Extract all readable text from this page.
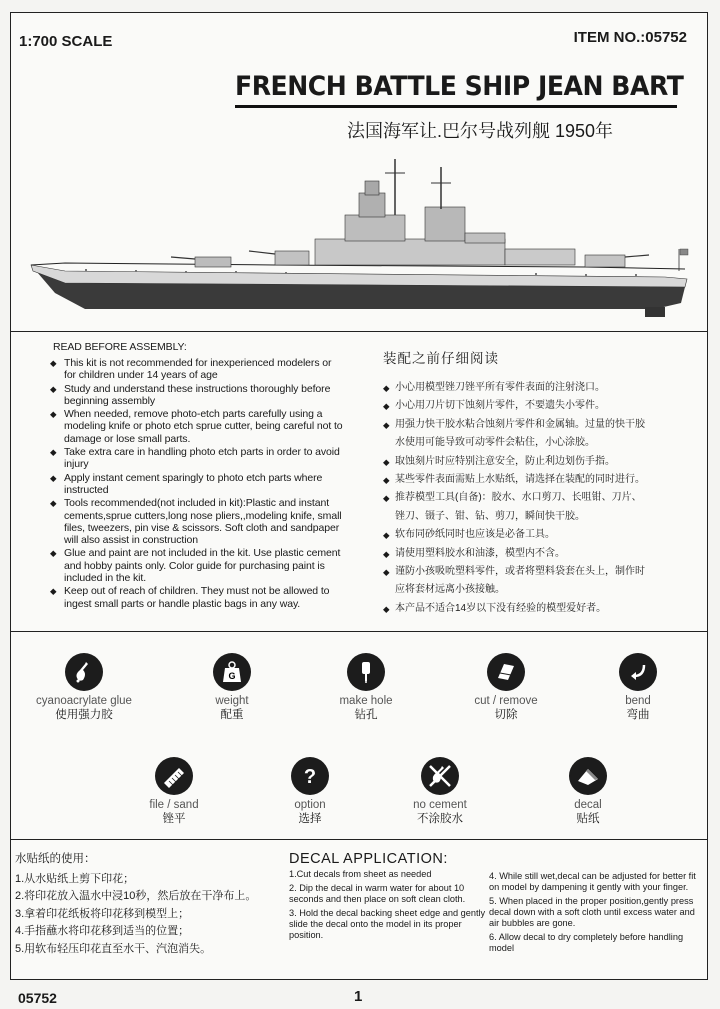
1:700 SCALE	ITEM NO.:05752
FRENCH BATTLE SHIP JEAN BART
法国海军让.巴尔号战列舰 1950年
READ BEFORE ASSEMBLY:
◆ This kit is not recommended for inexperienced modelers or for children under 14 years of age
◆ Study and understand these instructions thoroughly before beginning assembly
◆ When needed, remove photo-etch parts carefully using a modeling knife or photo etch sprue cutter, being careful not to damage or lose small parts.
◆ Take extra care in handling photo etch parts in order to avoid injury
◆ Apply instant cement sparingly to photo etch parts where instructed
◆ Tools recommended(not included in kit):Plastic and instant cements,sprue cutters,long nose pliers,,modeling knife, small files, tweezers, pin vise & scissors. Soft cloth and sandpaper will also assist in construction
◆ Glue and paint are not included in the kit. Use plastic cement and hobby paints only. Color guide for purchasing paint is included in the kit.
◆ Keep out of reach of children. They must not be allowed to ingest small parts or handle plastic bags in any way.
装配之前仔细阅读
◆ 小心用模型锉刀锉平所有零件表面的注射浇口。
◆ 小心用刀片切下蚀刻片零件，不要遗失小零件。
◆ 用强力快干胶水粘合蚀刻片零件和金属轴。过量的快干胶
水使用可能导致可动零件会粘住，小心涂胶。
◆ 取蚀刻片时应特别注意安全，防止利边划伤手指。
◆ 某些零件表面需贴上水贴纸，请选择在装配的同时进行。
◆ 推荐模型工具(自备)：胶水、水口剪刀、长咀钳、刀片、
锉刀、镊子、钳、钻、剪刀，瞬间快干胶。
◆ 软布同砂纸同时也应该是必备工具。
◆ 请使用塑料胶水和油漆，模型内不含。
◆ 谨防小孩吸吮塑料零件，或者将塑料袋套在头上，制作时
应将套材远离小孩接触。
◆ 本产品不适合14岁以下没有经验的模型爱好者。
cyanoacrylate glue
使用强力胶
G
weight
配重
make hole
钻孔
cut / remove
切除
bend
弯曲
file / sand
锉平
?
option
选择
no cement
不涂胶水
decal
贴纸
水贴纸的使用：
1.从水贴纸上剪下印花；
2.将印花放入温水中浸10秒，然后放在干净布上。
3.拿着印花纸板将印花移到模型上；
4.手指蘸水将印花移到适当的位置；
5.用软布轻压印花直至水干、汽泡消失。
DECAL APPLICATION:

1.Cut decals from sheet as needed

2. Dip the decal in warm water for about 10 seconds and then place on soft clean cloth.

3. Hold the decal backing sheet edge and gently slide the decal onto the model in its proper position.

4. While still wet,decal can be adjusted for better fit on model by dampening it gently with your finger.

5. When placed in the proper position,gently press decal down with a soft cloth until excess water and air bubbles are gone.

6. Allow decal to dry completely before handling model

05752	1
